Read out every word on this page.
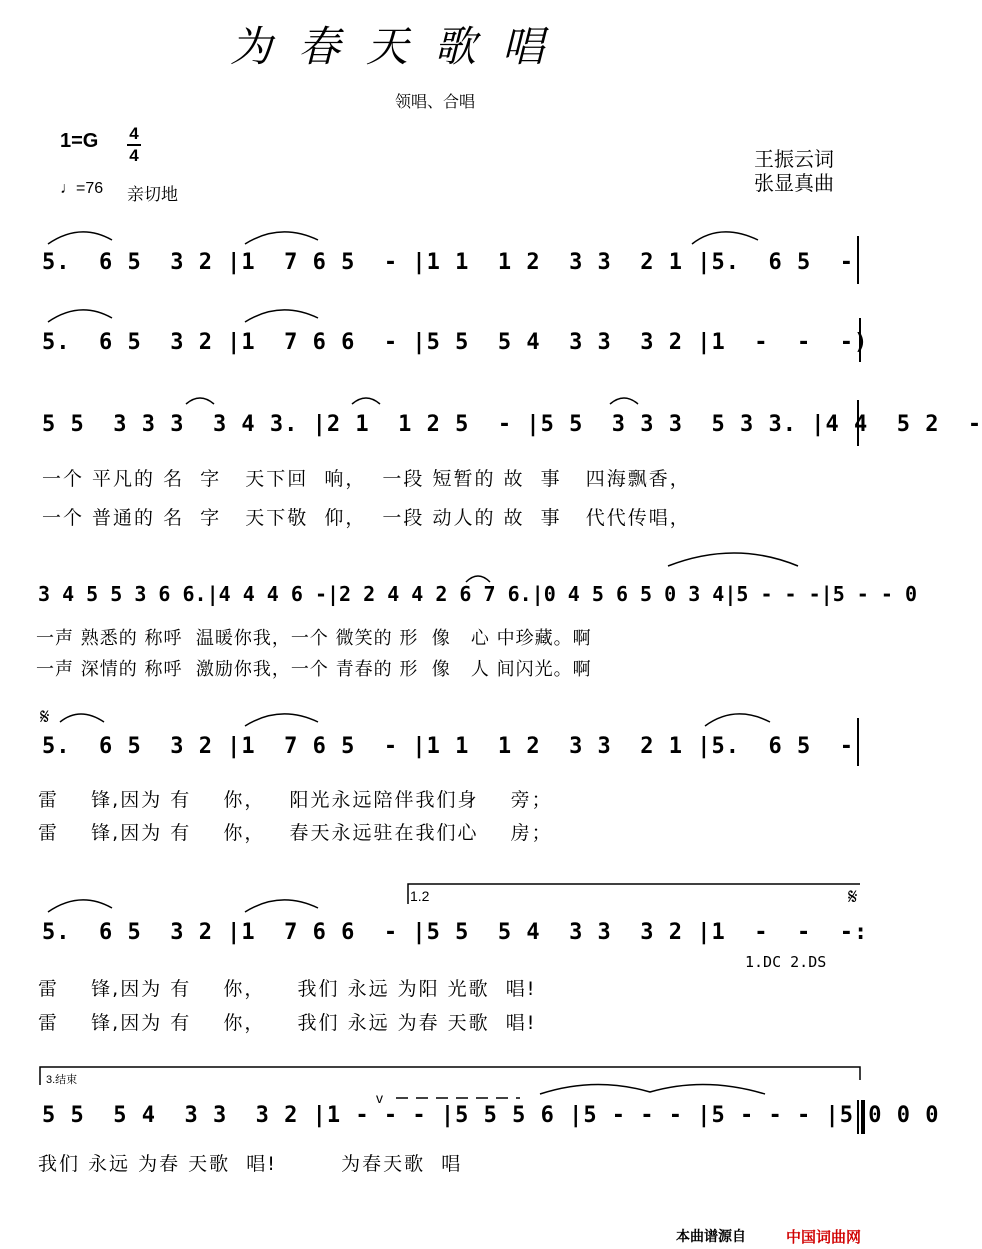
为春天歌唱
领唱、合唱
1=G 4
4
♩=76 亲切地
王振云词
张显真曲
5.  6 5  3 2 |1  7 6 5  - |1 1  1 2  3 3  2 1 |5.  6 5  -
5.  6 5  3 2 |1  7 6 6  - |5 5  5 4  3 3  3 2 |1  -  -  -)
5 5  3 3 3  3 4 3. |2 1  1 2 5  - |5 5  3 3 3  5 3 3. |4 4  5 2  -
一个 平凡的 名  字   天下回  响，  一段 短暂的 故  事   四海飘香，
一个 普通的 名  字   天下敬  仰，  一段 动人的 故  事   代代传唱，
3 4 5 5 3 6 6.|4 4 4 6 -|2 2 4 4 2 6 7 6.|0 4 5 6 5 0 3 4|5 - - -|5 - - 0
一声 熟悉的 称呼  温暖你我，一个 微笑的 形  像   心 中珍藏。啊
一声 深情的 称呼  激励你我，一个 青春的 形  像   人 间闪光。啊
𝄋
5.  6 5  3 2 |1  7 6 5  - |1 1  1 2  3 3  2 1 |5.  6 5  -
雷    锋,因为 有    你，   阳光永远陪伴我们身    旁；
雷    锋,因为 有    你，   春天永远驻在我们心    房；
1.2	𝄋
5.  6 5  3 2 |1  7 6 6  - |5 5  5 4  3 3  3 2 |1  -  -  -:
1.DC 2.DS
雷    锋,因为 有    你，    我们 永远 为阳 光歌  唱!
雷    锋,因为 有    你，    我们 永远 为春 天歌  唱!
3.结束
v
5 5  5 4  3 3  3 2 |1 - - - |5 5 5 6 |5 - - - |5 - - - |5 0 0 0
我们 永远 为春 天歌  唱!        为春天歌  唱
本曲谱源自	中国词曲网
